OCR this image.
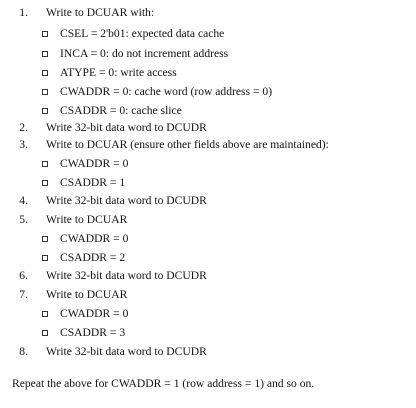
Repeat the above for CWADDR = 1 (row address = 1) and so on.
1. Write to DCUAR with:
CSEL = 2'b01: expected data cache
INCA = 0: do not increment address
ATYPE = 0: write access
CWADDR = 0: cache word (row address = 0)
CSADDR = 0: cache slice
2. Write 32-bit data word to DCUDR
3. Write to DCUAR (ensure other fields above are maintained):
CWADDR = 0
CSADDR = 1
4. Write 32-bit data word to DCUDR
5. Write to DCUAR
CWADDR = 0
CSADDR = 2
6. Write 32-bit data word to DCUDR
7. Write to DCUAR
CWADDR = 0
CSADDR = 3
8. Write 32-bit data word to DCUDR
